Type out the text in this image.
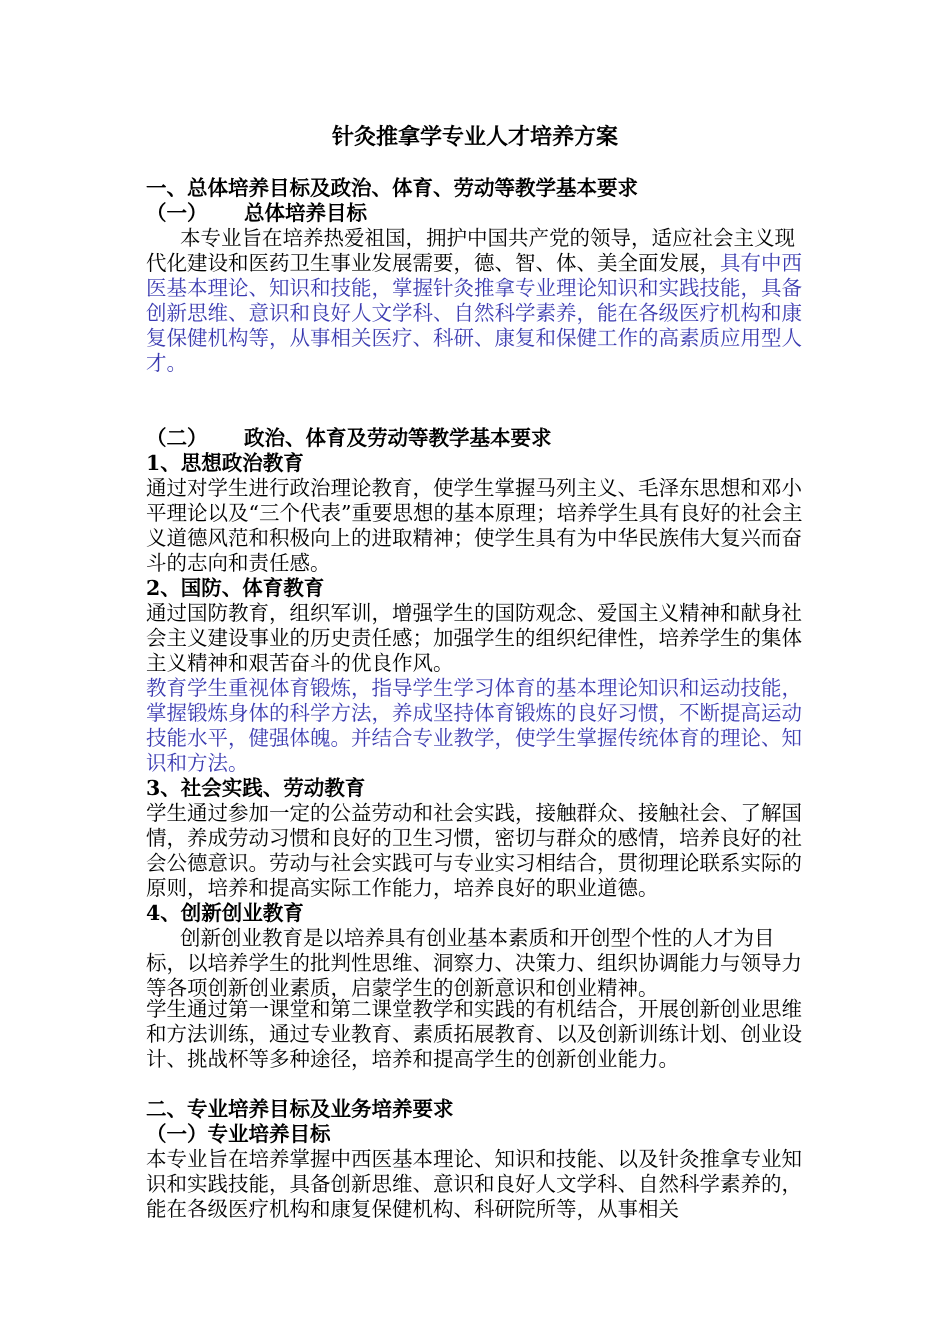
针灸推拿学专业人才培养方案
一、总体培养目标及政治、体育、劳动等教学基本要求
（一） 总体培养目标

本专业旨在培养热爱祖国，拥护中国共产党的领导，适应社会主义现代化建设和医药卫生事业发展需要，德、智、体、美全面发展，具有中西医基本理论、知识和技能，掌握针灸推拿专业理论知识和实践技能，具备创新思维、意识和良好人文学科、自然科学素养，能在各级医疗机构和康复保健机构等，从事相关医疗、科研、康复和保健工作的高素质应用型人才。

（二） 政治、体育及劳动等教学基本要求
1、思想政治教育

通过对学生进行政治理论教育，使学生掌握马列主义、毛泽东思想和邓小平理论以及“三个代表”重要思想的基本原理；培养学生具有良好的社会主义道德风范和积极向上的进取精神；使学生具有为中华民族伟大复兴而奋斗的志向和责任感。

2、国防、体育教育

通过国防教育，组织军训，增强学生的国防观念、爱国主义精神和献身社会主义建设事业的历史责任感；加强学生的组织纪律性，培养学生的集体主义精神和艰苦奋斗的优良作风。

教育学生重视体育锻炼，指导学生学习体育的基本理论知识和运动技能，掌握锻炼身体的科学方法，养成坚持体育锻炼的良好习惯，不断提高运动技能水平，健强体魄。并结合专业教学，使学生掌握传统体育的理论、知识和方法。

3、社会实践、劳动教育

学生通过参加一定的公益劳动和社会实践，接触群众、接触社会、了解国情，养成劳动习惯和良好的卫生习惯，密切与群众的感情，培养良好的社会公德意识。劳动与社会实践可与专业实习相结合，贯彻理论联系实际的原则，培养和提高实际工作能力，培养良好的职业道德。

4、创新创业教育

创新创业教育是以培养具有创业基本素质和开创型个性的人才为目标，以培养学生的批判性思维、洞察力、决策力、组织协调能力与领导力等各项创新创业素质，启蒙学生的创新意识和创业精神。

学生通过第一课堂和第二课堂教学和实践的有机结合，开展创新创业思维和方法训练，通过专业教育、素质拓展教育、以及创新训练计划、创业设计、挑战杯等多种途径，培养和提高学生的创新创业能力。

二、专业培养目标及业务培养要求
（一）专业培养目标

本专业旨在培养掌握中西医基本理论、知识和技能、以及针灸推拿专业知识和实践技能，具备创新思维、意识和良好人文学科、自然科学素养的，能在各级医疗机构和康复保健机构、科研院所等，从事相关
